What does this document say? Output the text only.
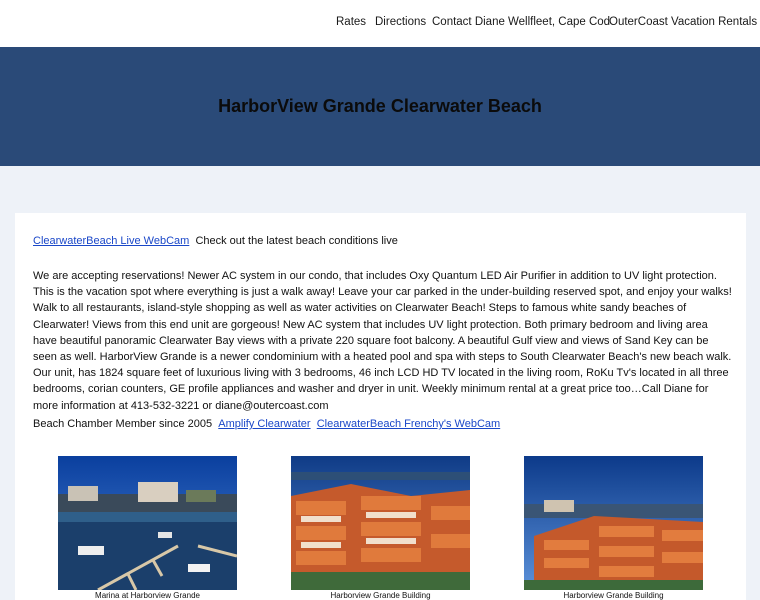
Rates Directions Contact Diane Wellfleet, Cape Cod
OuterCoast Vacation Rentals
HarborView Grande Clearwater Beach
ClearwaterBeach Live WebCam Check out the latest beach conditions live

We are accepting reservations! Newer AC system in our condo, that includes Oxy Quantum LED Air Purifier in addition to UV light protection. This is the vacation spot where everything is just a walk away! Leave your car parked in the under-building reserved spot, and enjoy your walks! Walk to all restaurants, island-style shopping as well as water activities on Clearwater Beach! Steps to famous white sandy beaches of Clearwater! Views from this end unit are gorgeous! New AC system that includes UV light protection. Both primary bedroom and living area have beautiful panoramic Clearwater Bay views with a private 220 square foot balcony. A beautiful Gulf view and views of Sand Key can be seen as well. HarborView Grande is a newer condominium with a heated pool and spa with steps to South Clearwater Beach's new beach walk. Our unit, has 1824 square feet of luxurious living with 3 bedrooms, 46 inch LCD HD TV located in the living room, RoKu Tv's located in all three bedrooms, corian counters, GE profile appliances and washer and dryer in unit. Weekly minimum rental at a great price too…Call Diane for more information at 413-532-3221 or diane@outercoast.com

Beach Chamber Member since 2005 Amplify Clearwater ClearwaterBeach Frenchy's WebCam
Marina at Harborview Grande	Harborview Grande Building	Harborview Grande Building
